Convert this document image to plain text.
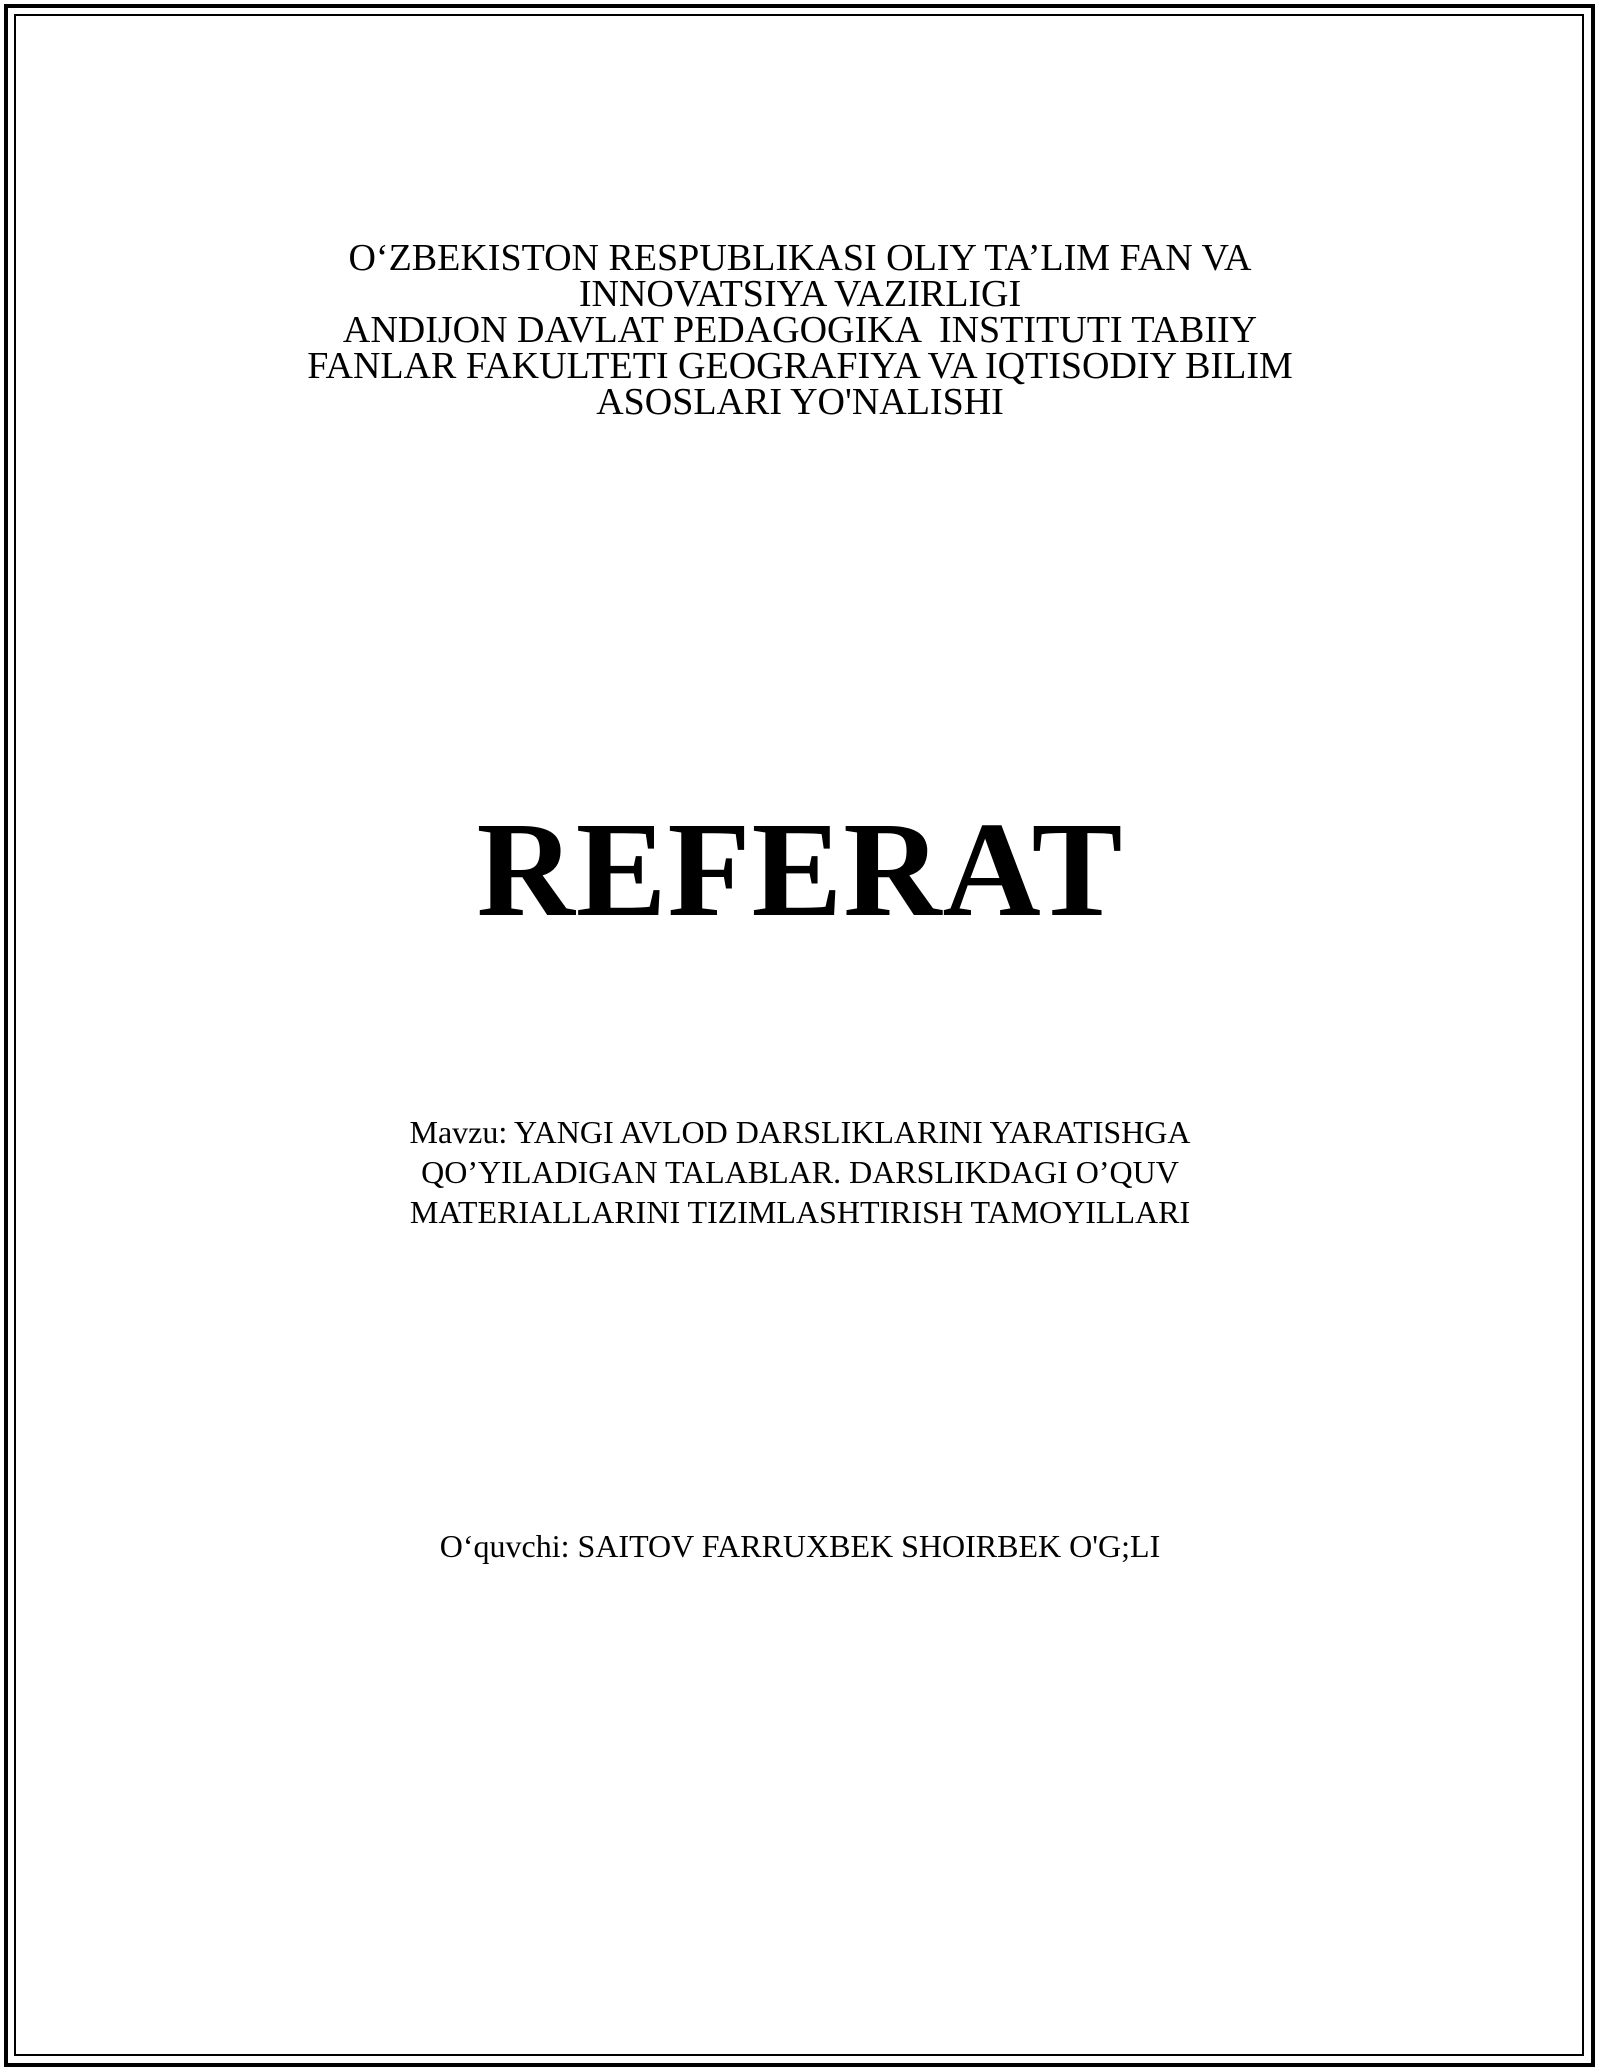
O‘ZBEKISTON RESPUBLIKASI OLIY TA’LIM FAN VA
INNOVATSIYA VAZIRLIGI
ANDIJON DAVLAT PEDAGOGIKA  INSTITUTI TABIIY
FANLAR FAKULTETI GEOGRAFIYA VA IQTISODIY BILIM
ASOSLARI YO'NALISHI
REFERAT
Mavzu: YANGI AVLOD DARSLIKLARINI YARATISHGA
QO’YILADIGAN TALABLAR. DARSLIKDAGI O’QUV
MATERIALLARINI TIZIMLASHTIRISH TAMOYILLARI
O‘quvchi: SAITOV FARRUXBEK SHOIRBEK O'G;LI
